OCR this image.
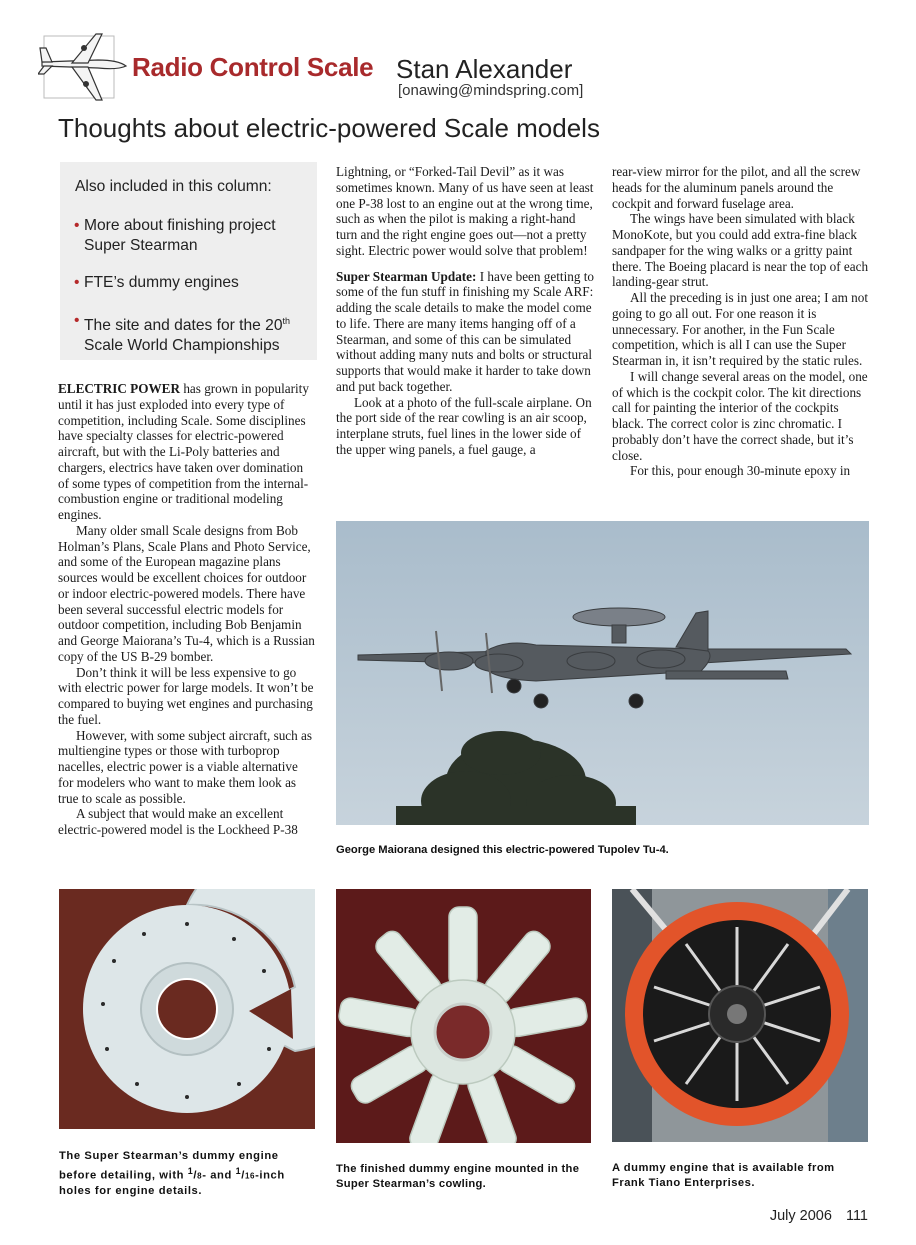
Radio Control Scale Stan Alexander
[onawing@mindspring.com]
Thoughts about electric-powered Scale models
Also included in this column:
• More about finishing project Super Stearman
• FTE’s dummy engines
• The site and dates for the 20th Scale World Championships

ELECTRIC POWER has grown in popularity until it has just exploded into every type of competition, including Scale. Some disciplines have specialty classes for electric-powered aircraft, but with the Li-Poly batteries and chargers, electrics have taken over domination of some types of competition from the internal-combustion engine or traditional modeling engines.

Many older small Scale designs from Bob Holman’s Plans, Scale Plans and Photo Service, and some of the European magazine plans sources would be excellent choices for outdoor or indoor electric-powered models. There have been several successful electric models for outdoor competition, including Bob Benjamin and George Maiorana’s Tu-4, which is a Russian copy of the US B-29 bomber.

Don’t think it will be less expensive to go with electric power for large models. It won’t be compared to buying wet engines and purchasing the fuel.

However, with some subject aircraft, such as multiengine types or those with turboprop nacelles, electric power is a viable alternative for modelers who want to make them look as true to scale as possible.

A subject that would make an excellent electric-powered model is the Lockheed P-38

Lightning, or “Forked-Tail Devil” as it was sometimes known. Many of us have seen at least one P-38 lost to an engine out at the wrong time, such as when the pilot is making a right-hand turn and the right engine goes out—not a pretty sight. Electric power would solve that problem!

Super Stearman Update: I have been getting to some of the fun stuff in finishing my Scale ARF: adding the scale details to make the model come to life. There are many items hanging off of a Stearman, and some of this can be simulated without adding many nuts and bolts or structural supports that would make it harder to take down and put back together.

Look at a photo of the full-scale airplane. On the port side of the rear cowling is an air scoop, interplane struts, fuel lines in the lower side of the upper wing panels, a fuel gauge, a

rear-view mirror for the pilot, and all the screw heads for the aluminum panels around the cockpit and forward fuselage area.

The wings have been simulated with black MonoKote, but you could add extra-fine black sandpaper for the wing walks or a gritty paint there. The Boeing placard is near the top of each landing-gear strut.

All the preceding is in just one area; I am not going to go all out. For one reason it is unnecessary. For another, in the Fun Scale competition, which is all I can use the Super Stearman in, it isn’t required by the static rules.

I will change several areas on the model, one of which is the cockpit color. The kit directions call for painting the interior of the cockpits black. The correct color is zinc chromatic. I probably don’t have the correct shade, but it’s close.

For this, pour enough 30-minute epoxy in

George Maiorana designed this electric-powered Tupolev Tu-4.
The Super Stearman’s dummy engine before detailing, with $^1$/8- and $^1$/16-inch holes for engine details.
The finished dummy engine mounted in the Super Stearman’s cowling.
A dummy engine that is available from Frank Tiano Enterprises.
July 2006 111
